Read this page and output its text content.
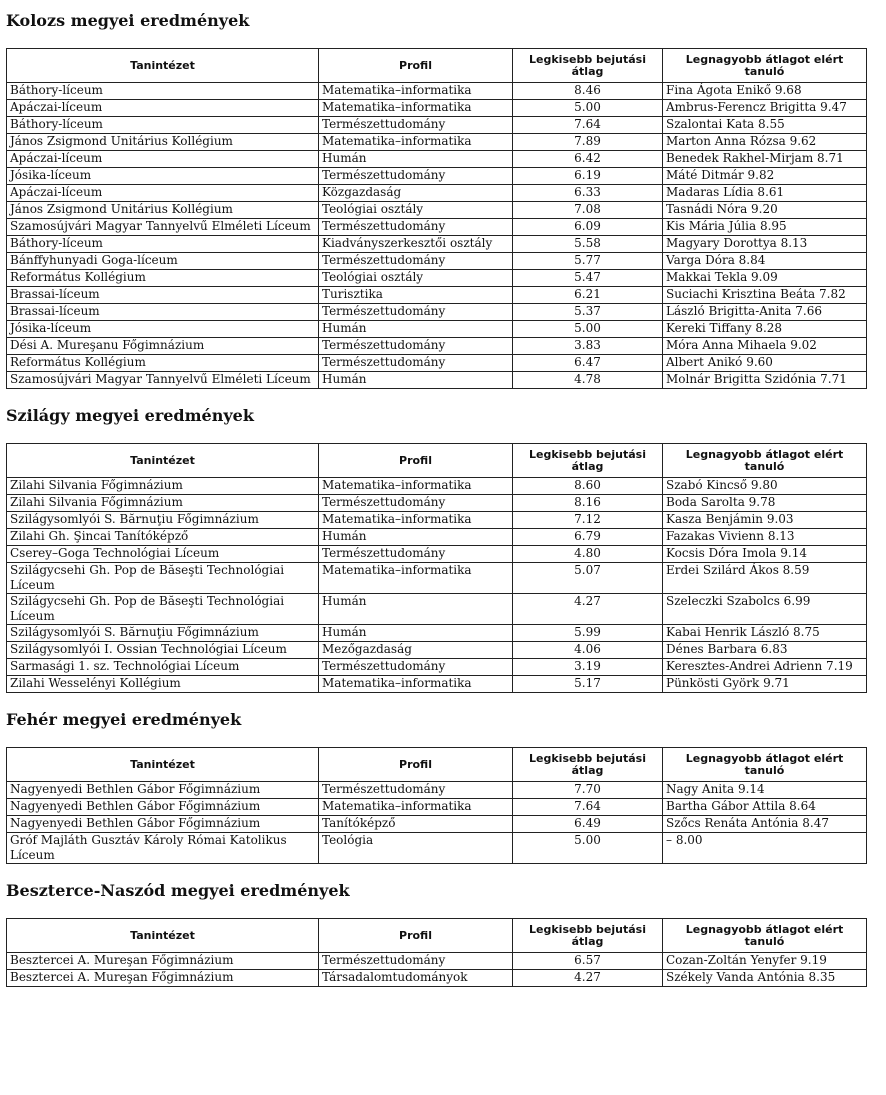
Kolozs megyei eredmények
Tanintézet	Profil	Legkisebb bejutási átlag	Legnagyobb átlagot elért tanuló
Báthory-líceum	Matematika–informatika	8.46	Fina Ágota Enikő 9.68
Apáczai-líceum	Matematika–informatika	5.00	Ambrus-Ferencz Brigitta 9.47
Báthory-líceum	Természettudomány	7.64	Szalontai Kata 8.55
János Zsigmond Unitárius Kollégium	Matematika–informatika	7.89	Marton Anna Rózsa 9.62
Apáczai-líceum	Humán	6.42	Benedek Rakhel-Mirjam 8.71
Jósika-líceum	Természettudomány	6.19	Máté Ditmár 9.82
Apáczai-líceum	Közgazdaság	6.33	Madaras Lídia 8.61
János Zsigmond Unitárius Kollégium	Teológiai osztály	7.08	Tasnádi Nóra 9.20
Szamosújvári Magyar Tannyelvű Elméleti Líceum	Természettudomány	6.09	Kis Mária Júlia 8.95
Báthory-líceum	Kiadványszerkesztői osztály	5.58	Magyary Dorottya 8.13
Bánffyhunyadi Goga-líceum	Természettudomány	5.77	Varga Dóra 8.84
Református Kollégium	Teológiai osztály	5.47	Makkai Tekla 9.09
Brassai-líceum	Turisztika	6.21	Suciachi Krisztina Beáta 7.82
Brassai-líceum	Természettudomány	5.37	László Brigitta-Anita 7.66
Jósika-líceum	Humán	5.00	Kereki Tiffany 8.28
Dési A. Mureşanu Főgimnázium	Természettudomány	3.83	Móra Anna Mihaela 9.02
Református Kollégium	Természettudomány	6.47	Albert Anikó 9.60
Szamosújvári Magyar Tannyelvű Elméleti Líceum	Humán	4.78	Molnár Brigitta Szidónia 7.71
Szilágy megyei eredmények
Tanintézet	Profil	Legkisebb bejutási átlag	Legnagyobb átlagot elért tanuló
Zilahi Silvania Főgimnázium	Matematika–informatika	8.60	Szabó Kincső 9.80
Zilahi Silvania Főgimnázium	Természettudomány	8.16	Boda Sarolta 9.78
Szilágysomlyói S. Bărnuţiu Főgimnázium	Matematika–informatika	7.12	Kasza Benjámin 9.03
Zilahi Gh. Şincai Tanítóképző	Humán	6.79	Fazakas Vivienn 8.13
Cserey–Goga Technológiai Líceum	Természettudomány	4.80	Kocsis Dóra Imola 9.14
Szilágycsehi Gh. Pop de Băseşti Technológiai Líceum	Matematika–informatika	5.07	Erdei Szilárd Ákos 8.59
Szilágycsehi Gh. Pop de Băseşti Technológiai Líceum	Humán	4.27	Szeleczki Szabolcs 6.99
Szilágysomlyói S. Bărnuţiu Főgimnázium	Humán	5.99	Kabai Henrik László 8.75
Szilágysomlyói I. Ossian Technológiai Líceum	Mezőgazdaság	4.06	Dénes Barbara 6.83
Sarmasági 1. sz. Technológiai Líceum	Természettudomány	3.19	Keresztes-Andrei Adrienn 7.19
Zilahi Wesselényi Kollégium	Matematika–informatika	5.17	Pünkösti Györk 9.71
Fehér megyei eredmények
Tanintézet	Profil	Legkisebb bejutási átlag	Legnagyobb átlagot elért tanuló
Nagyenyedi Bethlen Gábor Főgimnázium	Természettudomány	7.70	Nagy Anita 9.14
Nagyenyedi Bethlen Gábor Főgimnázium	Matematika–informatika	7.64	Bartha Gábor Attila 8.64
Nagyenyedi Bethlen Gábor Főgimnázium	Tanítóképző	6.49	Szőcs Renáta Antónia 8.47
Gróf Majláth Gusztáv Károly Római Katolikus Líceum	Teológia	5.00	– 8.00
Beszterce-Naszód megyei eredmények
Tanintézet	Profil	Legkisebb bejutási átlag	Legnagyobb átlagot elért tanuló
Besztercei A. Mureşan Főgimnázium	Természettudomány	6.57	Cozan-Zoltán Yenyfer 9.19
Besztercei A. Mureşan Főgimnázium	Társadalomtudományok	4.27	Székely Vanda Antónia 8.35
